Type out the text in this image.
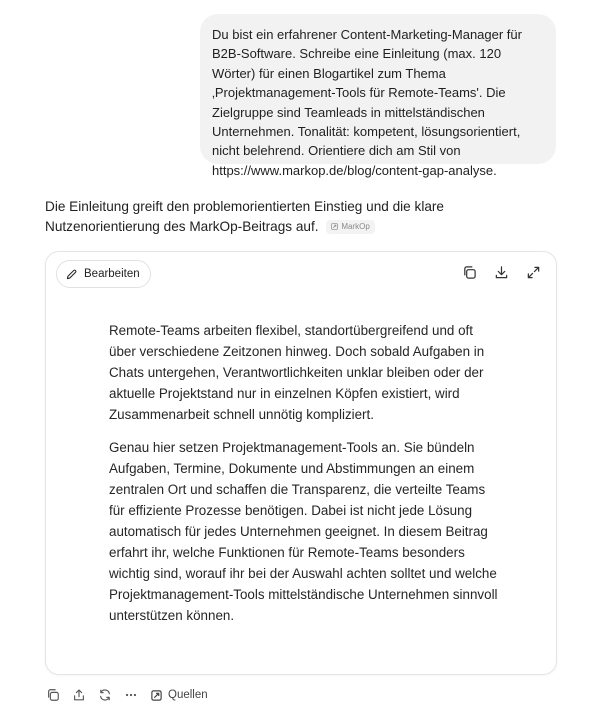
Du bist ein erfahrener Content-Marketing-Manager für B2B-Software. Schreibe eine Einleitung (max. 120 Wörter) für einen Blogartikel zum Thema ‚Projektmanagement-Tools für Remote-Teams'. Die Zielgruppe sind Teamleads in mittelständischen Unternehmen. Tonalität: kompetent, lösungsorientiert, nicht belehrend. Orientiere dich am Stil von https://www.markop.de/blog/content-gap-analyse.
Die Einleitung greift den problemorientierten Einstieg und die klare Nutzenorientierung des MarkOp-Beitrags auf.	MarkOp
Bearbeiten

Remote-Teams arbeiten flexibel, standortübergreifend und oft über verschiedene Zeitzonen hinweg. Doch sobald Aufgaben in Chats untergehen, Verantwortlichkeiten unklar bleiben oder der aktuelle Projektstand nur in einzelnen Köpfen existiert, wird Zusammenarbeit schnell unnötig kompliziert.

Genau hier setzen Projektmanagement-Tools an. Sie bündeln Aufgaben, Termine, Dokumente und Abstimmungen an einem zentralen Ort und schaffen die Transparenz, die verteilte Teams für effiziente Prozesse benötigen. Dabei ist nicht jede Lösung automatisch für jedes Unternehmen geeignet. In diesem Beitrag erfahrt ihr, welche Funktionen für Remote-Teams besonders wichtig sind, worauf ihr bei der Auswahl achten solltet und welche Projektmanagement-Tools mittelständische Unternehmen sinnvoll unterstützen können.

Quellen
